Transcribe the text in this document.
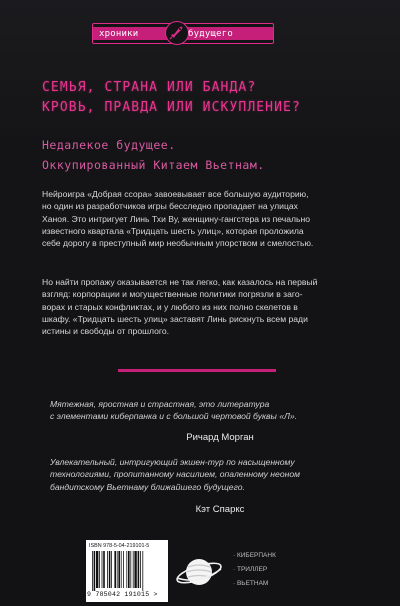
хроники	будущего
СЕМЬЯ, СТРАНА ИЛИ БАНДА?
КРОВЬ, ПРАВДА ИЛИ ИСКУПЛЕНИЕ?
Недалекое будущее.
Оккупированный Китаем Вьетнам.
Нейроигра «Добрая ссора» завоевывает все большую аудиторию,
но один из разработчиков игры бесследно пропадает на улицах
Ханоя. Это интригует Линь Тхи Ву, женщину-гангстера из печально
известного квартала «Тридцать шесть улиц», которая проложила
себе дорогу в преступный мир необычным упорством и смелостью.
Но найти пропажу оказывается не так легко, как казалось на первый
взгляд: корпорации и могущественные политики погрязли в заго-
ворах и старых конфликтах, и у любого из них полно скелетов в
шкафу. «Тридцать шесть улиц» заставят Линь рискнуть всем ради
истины и свободы от прошлого.
Мятежная, яростная и страстная, это литература
с элементами киберпанка и с большой чертовой буквы «Л».
Ричард Морган
Увлекательный, интригующий экшен-тур по насыщенному
технологиями, пропитанному насилием, опаленному неоном
бандитскому Вьетнаму ближайшего будущего.
Кэт Спаркс
ISBN 978-5-04-219101-5
9 785042 191015 >
· КИБЕРПАНК
· ТРИЛЛЕР
· ВЬЕТНАМ
